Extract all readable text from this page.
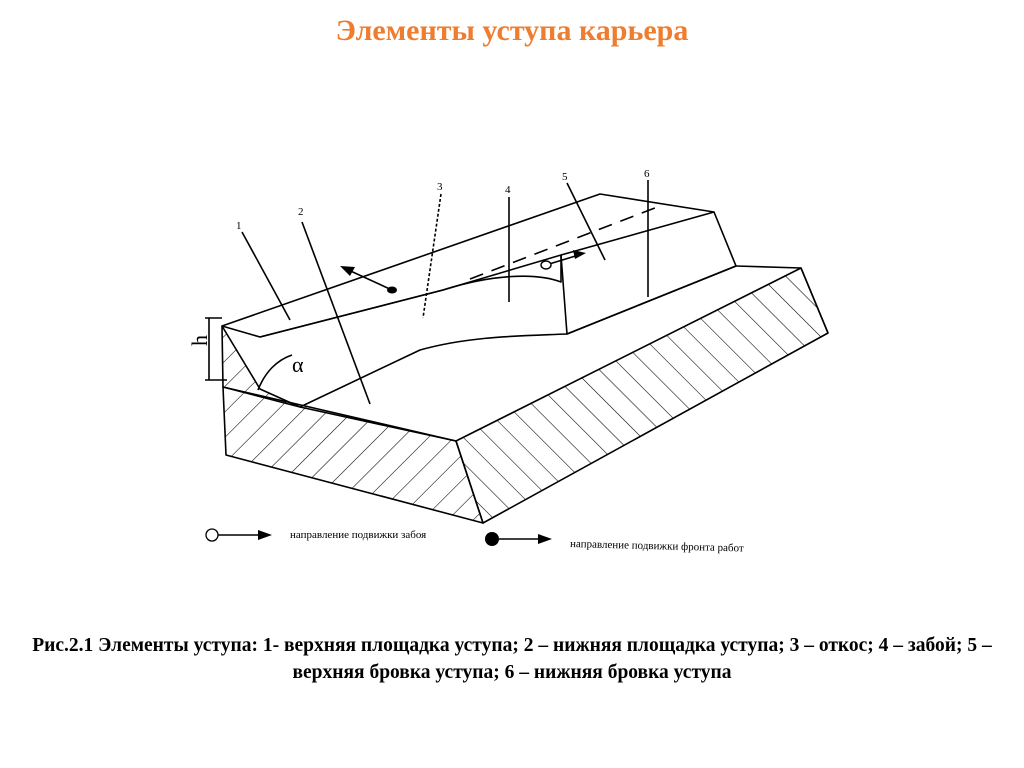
Элементы уступа карьера
1
2
3	4
5	6
h
α
направление подвижки забоя
направление подвижки фронта работ
Рис.2.1 Элементы уступа: 1- верхняя площадка уступа; 2 – нижняя площадка уступа; 3 – откос; 4 – забой; 5 – верхняя бровка уступа; 6 – нижняя бровка уступа
